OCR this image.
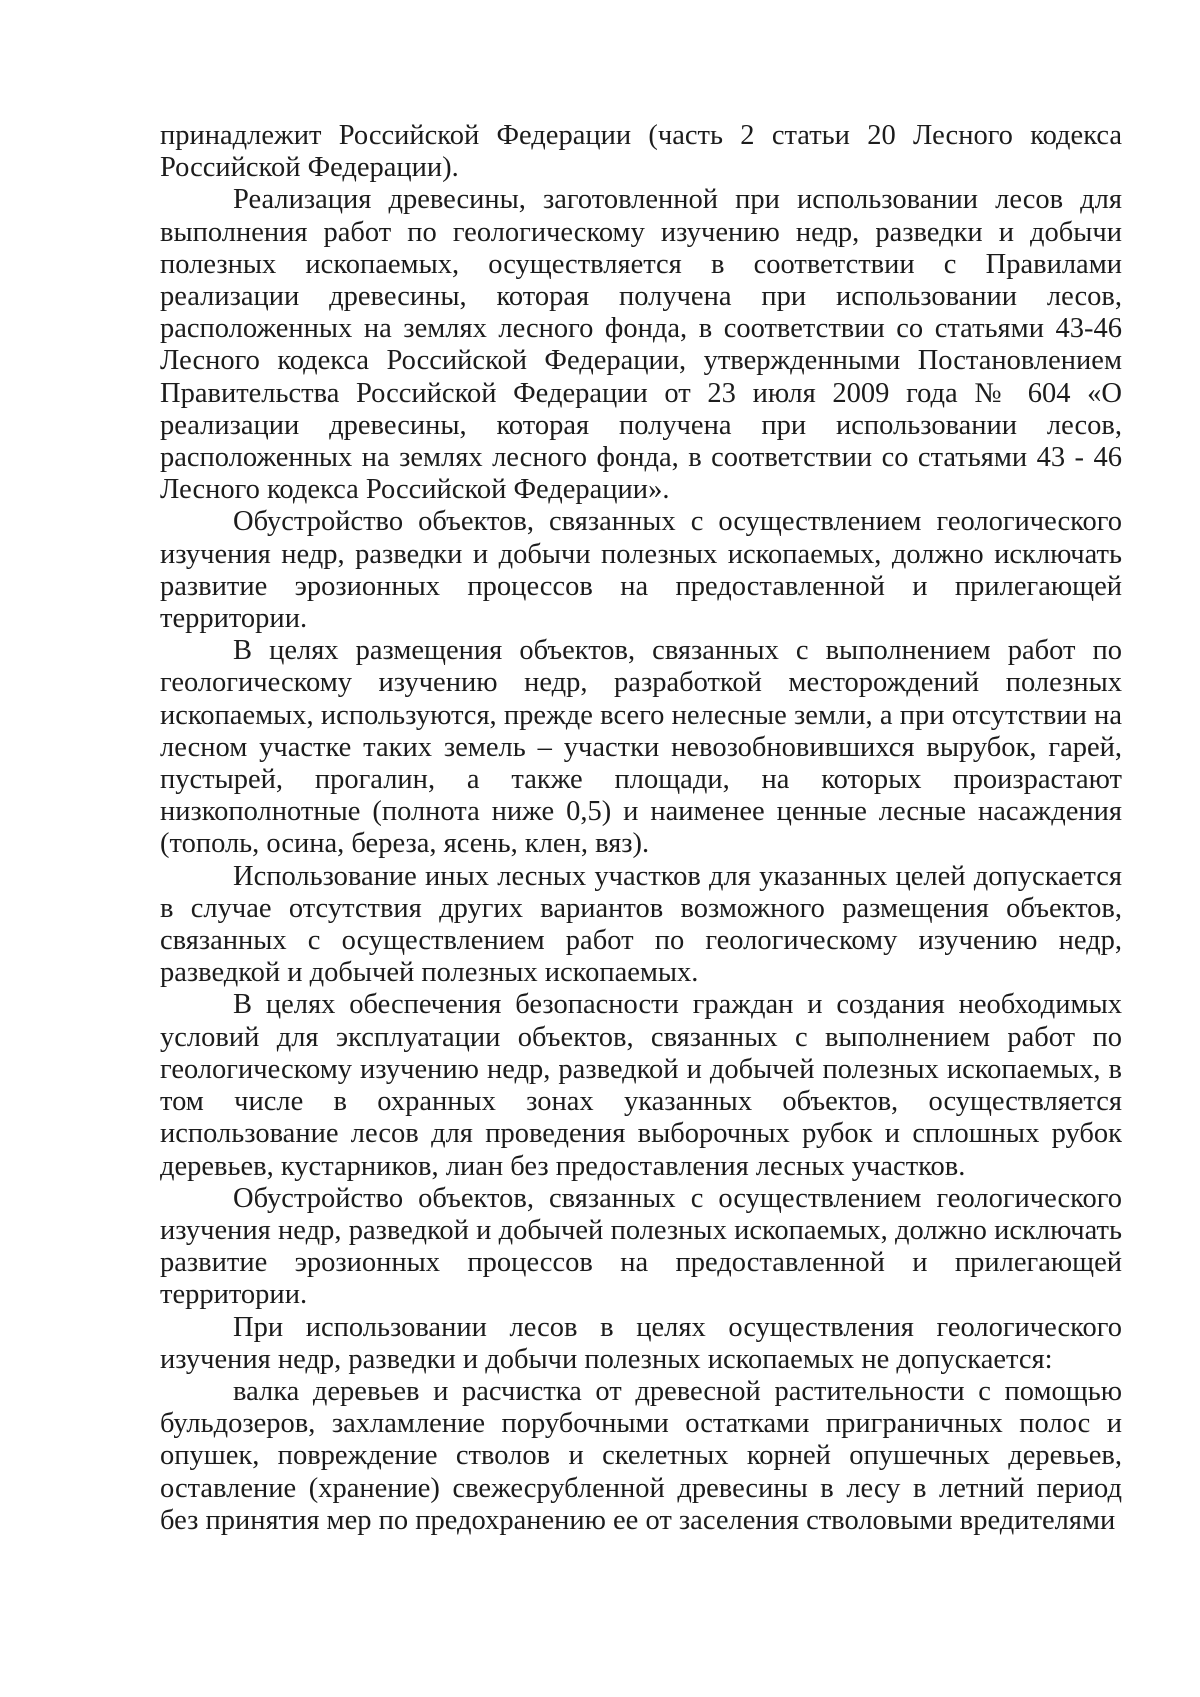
принадлежит Российской Федерации (часть 2 статьи 20 Лесного кодекса Российской Федерации).

Реализация древесины, заготовленной при использовании лесов для выполнения работ по геологическому изучению недр, разведки и добычи полезных ископаемых, осуществляется в соответствии с Правилами реализации древесины, которая получена при использовании лесов, расположенных на землях лесного фонда, в соответствии со статьями 43-46 Лесного кодекса Российской Федерации, утвержденными Постановлением Правительства Российской Федерации от 23 июля 2009 года № 604 «О реализации древесины, которая получена при использовании лесов, расположенных на землях лесного фонда, в соответствии со статьями 43 - 46 Лесного кодекса Российской Федерации».

Обустройство объектов, связанных с осуществлением геологического изучения недр, разведки и добычи полезных ископаемых, должно исключать развитие эрозионных процессов на предоставленной и прилегающей территории.

В целях размещения объектов, связанных с выполнением работ по геологическому изучению недр, разработкой месторождений полезных ископаемых, используются, прежде всего нелесные земли, а при отсутствии на лесном участке таких земель – участки невозобновившихся вырубок, гарей, пустырей, прогалин, а также площади, на которых произрастают низкополнотные (полнота ниже 0,5) и наименее ценные лесные насаждения (тополь, осина, береза, ясень, клен, вяз).

Использование иных лесных участков для указанных целей допускается в случае отсутствия других вариантов возможного размещения объектов, связанных с осуществлением работ по геологическому изучению недр, разведкой и добычей полезных ископаемых.

В целях обеспечения безопасности граждан и создания необходимых условий для эксплуатации объектов, связанных с выполнением работ по геологическому изучению недр, разведкой и добычей полезных ископаемых, в том числе в охранных зонах указанных объектов, осуществляется использование лесов для проведения выборочных рубок и сплошных рубок деревьев, кустарников, лиан без предоставления лесных участков.

Обустройство объектов, связанных с осуществлением геологического изучения недр, разведкой и добычей полезных ископаемых, должно исключать развитие эрозионных процессов на предоставленной и прилегающей территории.

При использовании лесов в целях осуществления геологического изучения недр, разведки и добычи полезных ископаемых не допускается:

валка деревьев и расчистка от древесной растительности с помощью бульдозеров, захламление порубочными остатками приграничных полос и опушек, повреждение стволов и скелетных корней опушечных деревьев, оставление (хранение) свежесрубленной древесины в лесу в летний период без принятия мер по предохранению ее от заселения стволовыми вредителями
